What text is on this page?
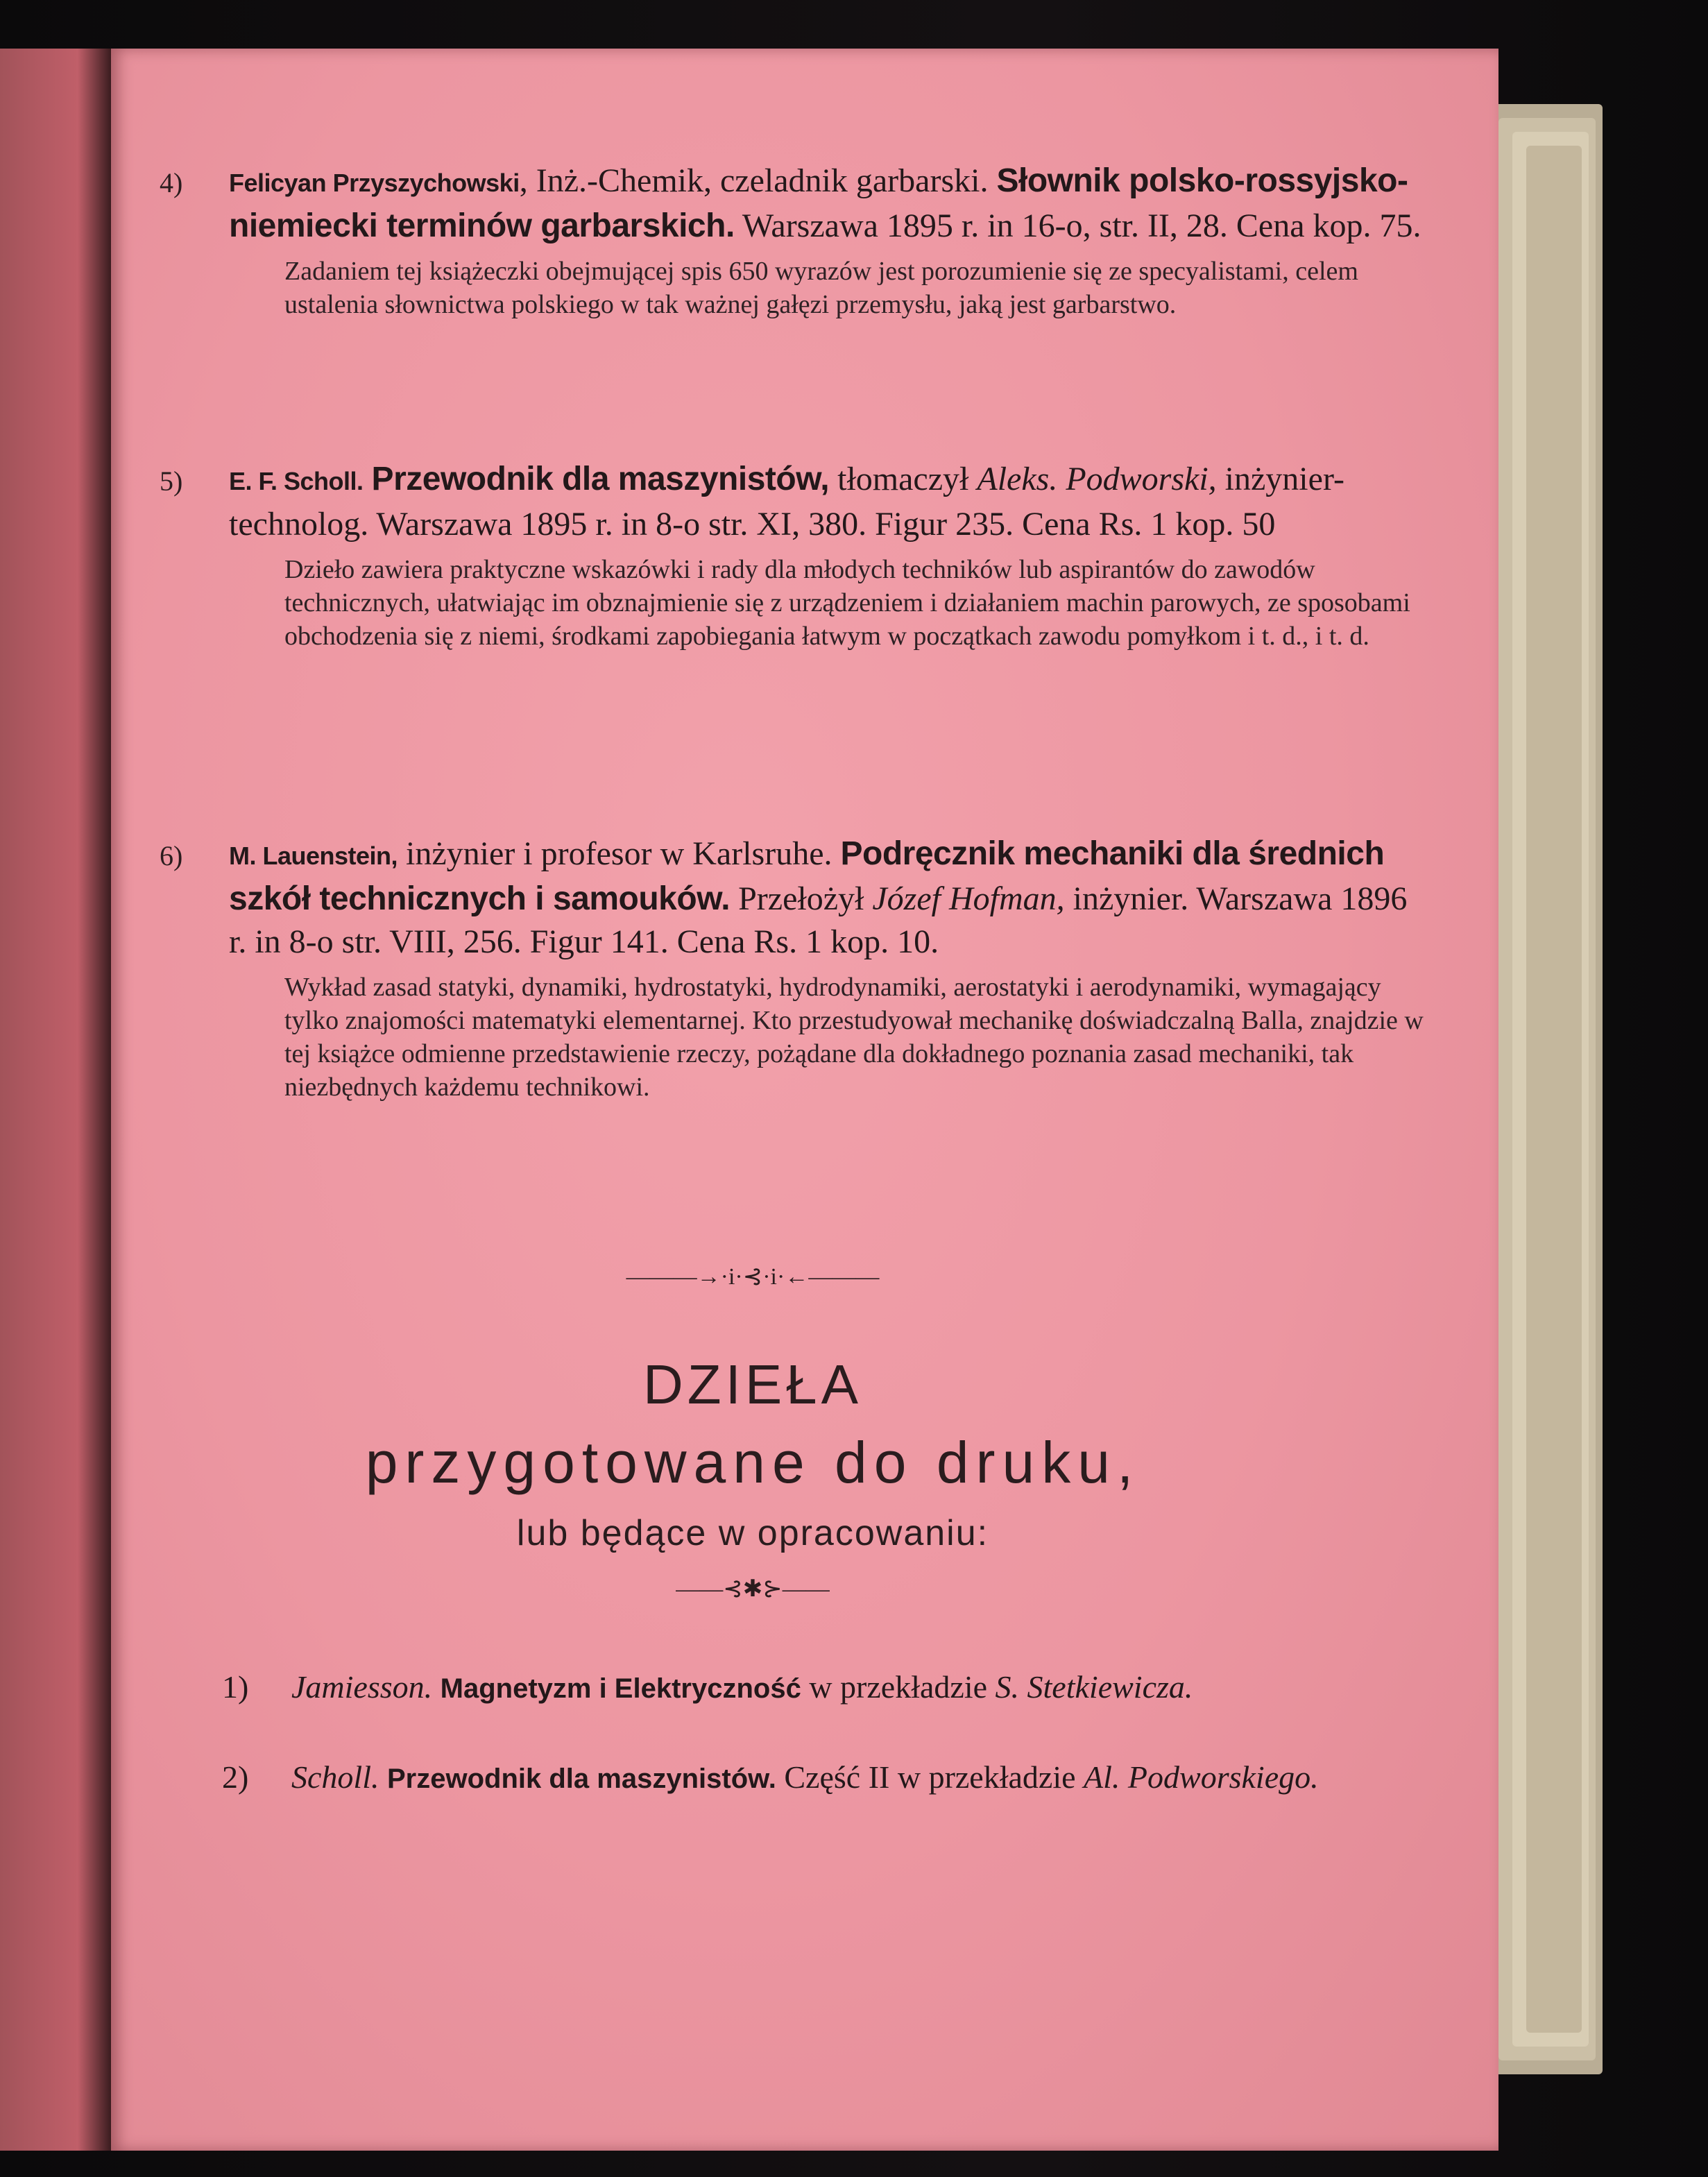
4) Felicyan Przyszychowski, Inż.-Chemik, czeladnik garbarski. Słownik polsko-rossyjsko-niemiecki terminów garbarskich. Warszawa 1895 r. in 16-o, str. II, 28. Cena kop. 75.

Zadaniem tej książeczki obejmującej spis 650 wyrazów jest porozumienie się ze specyalistami, celem ustalenia słownictwa polskiego w tak ważnej gałęzi przemysłu, jaką jest garbarstwo.

5) E. F. Scholl. Przewodnik dla maszynistów, tłomaczył Aleks. Podworski, inżynier-technolog. Warszawa 1895 r. in 8-o str. XI, 380. Figur 235. Cena Rs. 1 kop. 50

Dzieło zawiera praktyczne wskazówki i rady dla młodych techników lub aspirantów do zawodów technicznych, ułatwiając im obznajmienie się z urządzeniem i działaniem machin parowych, ze sposobami obchodzenia się z niemi, środkami zapobiegania łatwym w początkach zawodu pomyłkom i t. d., i t. d.

6) M. Lauenstein, inżynier i profesor w Karlsruhe. Podręcznik mechaniki dla średnich szkół technicznych i samouków. Przełożył Józef Hofman, inżynier. Warszawa 1896 r. in 8-o str. VIII, 256. Figur 141. Cena Rs. 1 kop. 10.

Wykład zasad statyki, dynamiki, hydrostatyki, hydrodynamiki, aerostatyki i aerodynamiki, wymagający tylko znajomości matematyki elementarnej. Kto przestudyował mechanikę doświadczalną Balla, znajdzie w tej książce odmienne przedstawienie rzeczy, pożądane dla dokładnego poznania zasad mechaniki, tak niezbędnych każdemu technikowi.

———→·i·⊰·i·←———
DZIEŁA
przygotowane do druku,
lub będące w opracowaniu:
——⊰✱⊱——
1) Jamiesson. Magnetyzm i Elektryczność w przekładzie S. Stetkiewicza.
2) Scholl. Przewodnik dla maszynistów. Część II w przekładzie Al. Podworskiego.
